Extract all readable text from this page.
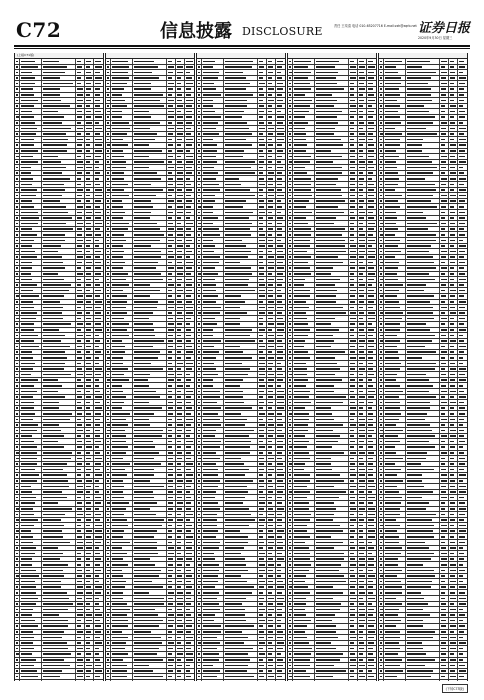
C72	信息披露 DISCLOSURE	责任 王琰清 电话 010-65207716 E-mail:zzh@zqrb.net 证券日报
2020年9月30日 星期三
(上接C71版)
(下转C73版)
